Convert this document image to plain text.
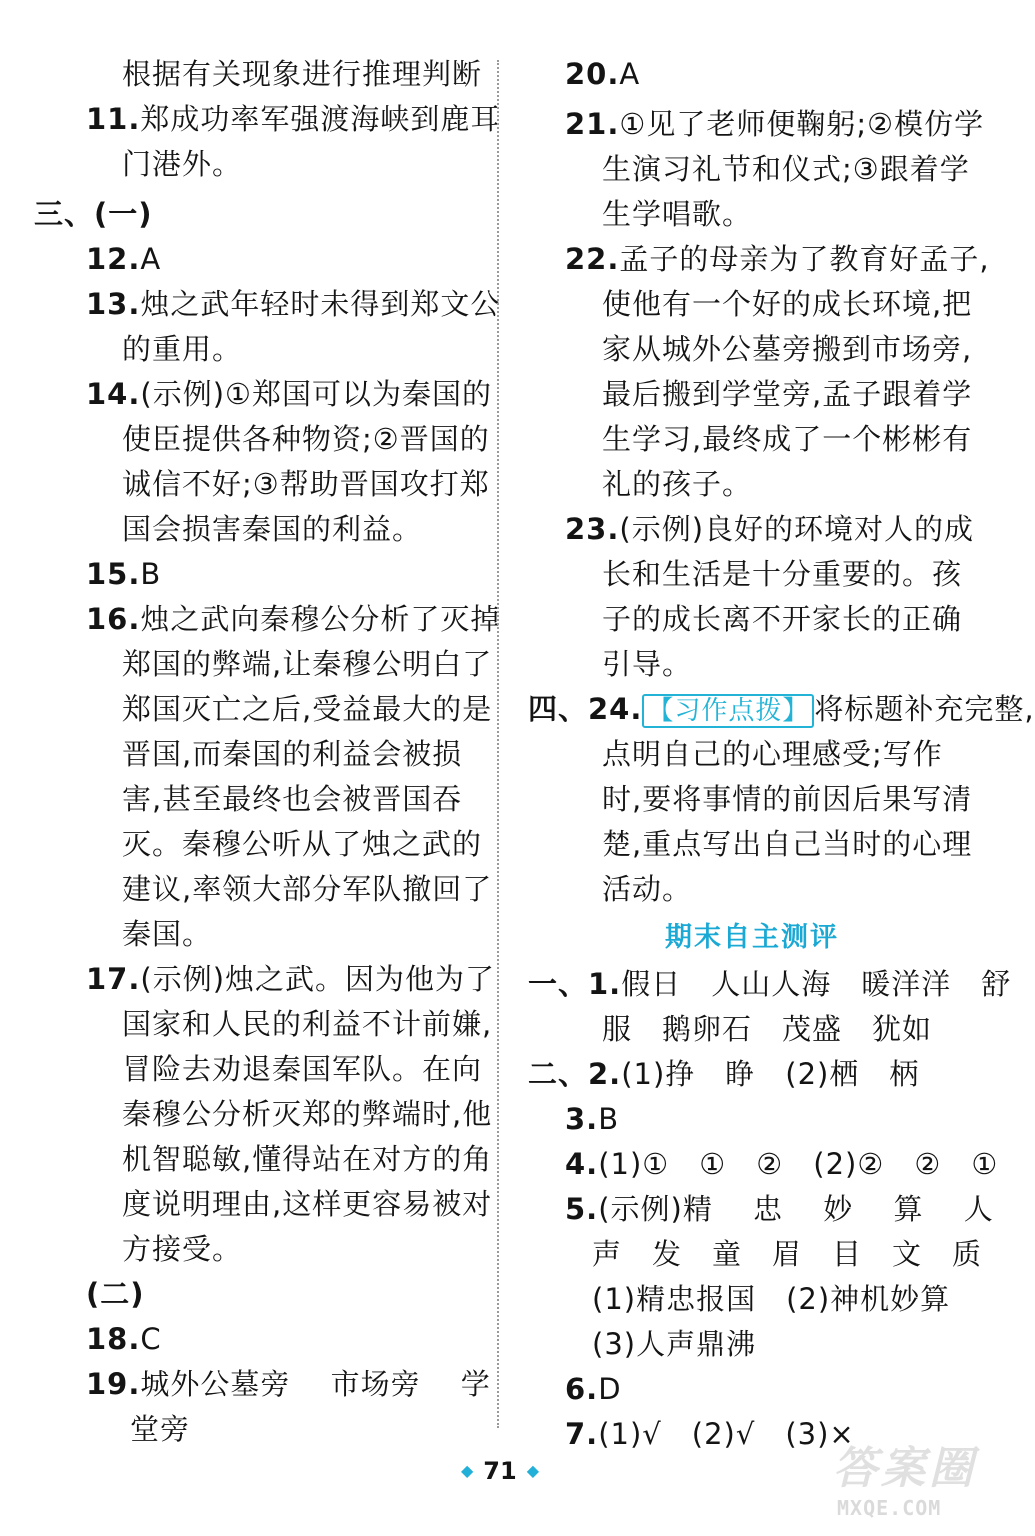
根据有关现象进行推理判断
11.郑成功率军强渡海峡到鹿耳
门港外。
三、(一)
12.A
13.烛之武年轻时未得到郑文公
的重用。
14.(示例)①郑国可以为秦国的
使臣提供各种物资;②晋国的
诚信不好;③帮助晋国攻打郑
国会损害秦国的利益。
15.B
16.烛之武向秦穆公分析了灭掉
郑国的弊端,让秦穆公明白了
郑国灭亡之后,受益最大的是
晋国,而秦国的利益会被损
害,甚至最终也会被晋国吞
灭。秦穆公听从了烛之武的
建议,率领大部分军队撤回了
秦国。
17.(示例)烛之武。因为他为了
国家和人民的利益不计前嫌,
冒险去劝退秦国军队。在向
秦穆公分析灭郑的弊端时,他
机智聪敏,懂得站在对方的角
度说明理由,这样更容易被对
方接受。
(二)
18.C
19.城外公墓旁　 市场旁　 学
堂旁
20.A
21.①见了老师便鞠躬;②模仿学
生演习礼节和仪式;③跟着学
生学唱歌。
22.孟子的母亲为了教育好孟子,
使他有一个好的成长环境,把
家从城外公墓旁搬到市场旁,
最后搬到学堂旁,孟子跟着学
生学习,最终成了一个彬彬有
礼的孩子。
23.(示例)良好的环境对人的成
长和生活是十分重要的。孩
子的成长离不开家长的正确
引导。
四、24. 【习作点拨】 将标题补充完整,
点明自己的心理感受;写作
时,要将事情的前因后果写清
楚,重点写出自己当时的心理
活动。
期末自主测评
一、1.假日　人山人海　暖洋洋　舒
服　鹅卵石　茂盛　犹如
二、2.(1)挣　睁　(2)栖　柄
3.B
4.(1)①　①　②　(2)②　②　①
5.(示例)精　 忠　 妙　 算　 人
声　发　童　眉　目　文　质
(1)精忠报国　(2)神机妙算
(3)人声鼎沸
6.D
7.(1)√　(2)√　(3)×
◆ 71 ◆	答案圈
MXQE.COM
